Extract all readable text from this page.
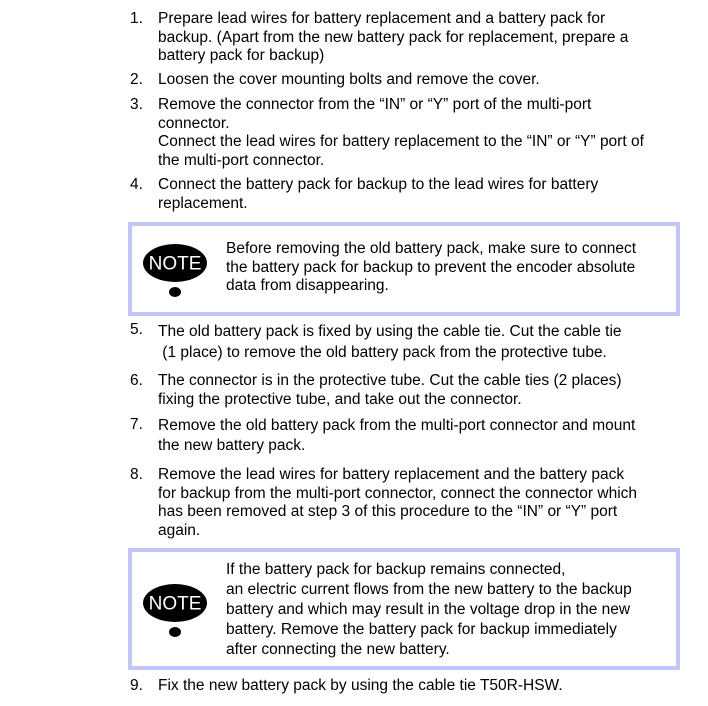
1. Prepare lead wires for battery replacement and a battery pack for
backup. (Apart from the new battery pack for replacement, prepare a
battery pack for backup)
2. Loosen the cover mounting bolts and remove the cover.
3. Remove the connector from the “IN” or “Y” port of the multi-port
connector.
Connect the lead wires for battery replacement to the “IN” or “Y” port of
the multi-port connector.
4. Connect the battery pack for backup to the lead wires for battery
replacement.
NOTE
Before removing the old battery pack, make sure to connect
the battery pack for backup to prevent the encoder absolute
data from disappearing.
5. The old battery pack is fixed by using the cable tie. Cut the cable tie
(1 place) to remove the old battery pack from the protective tube.
6. The connector is in the protective tube. Cut the cable ties (2 places)
fixing the protective tube, and take out the connector.
7. Remove the old battery pack from the multi-port connector and mount
the new battery pack.
8. Remove the lead wires for battery replacement and the battery pack
for backup from the multi-port connector, connect the connector which
has been removed at step 3 of this procedure to the “IN” or “Y” port
again.
NOTE
If the battery pack for backup remains connected,
an electric current flows from the new battery to the backup
battery and which may result in the voltage drop in the new
battery. Remove the battery pack for backup immediately
after connecting the new battery.
9. Fix the new battery pack by using the cable tie T50R-HSW.
